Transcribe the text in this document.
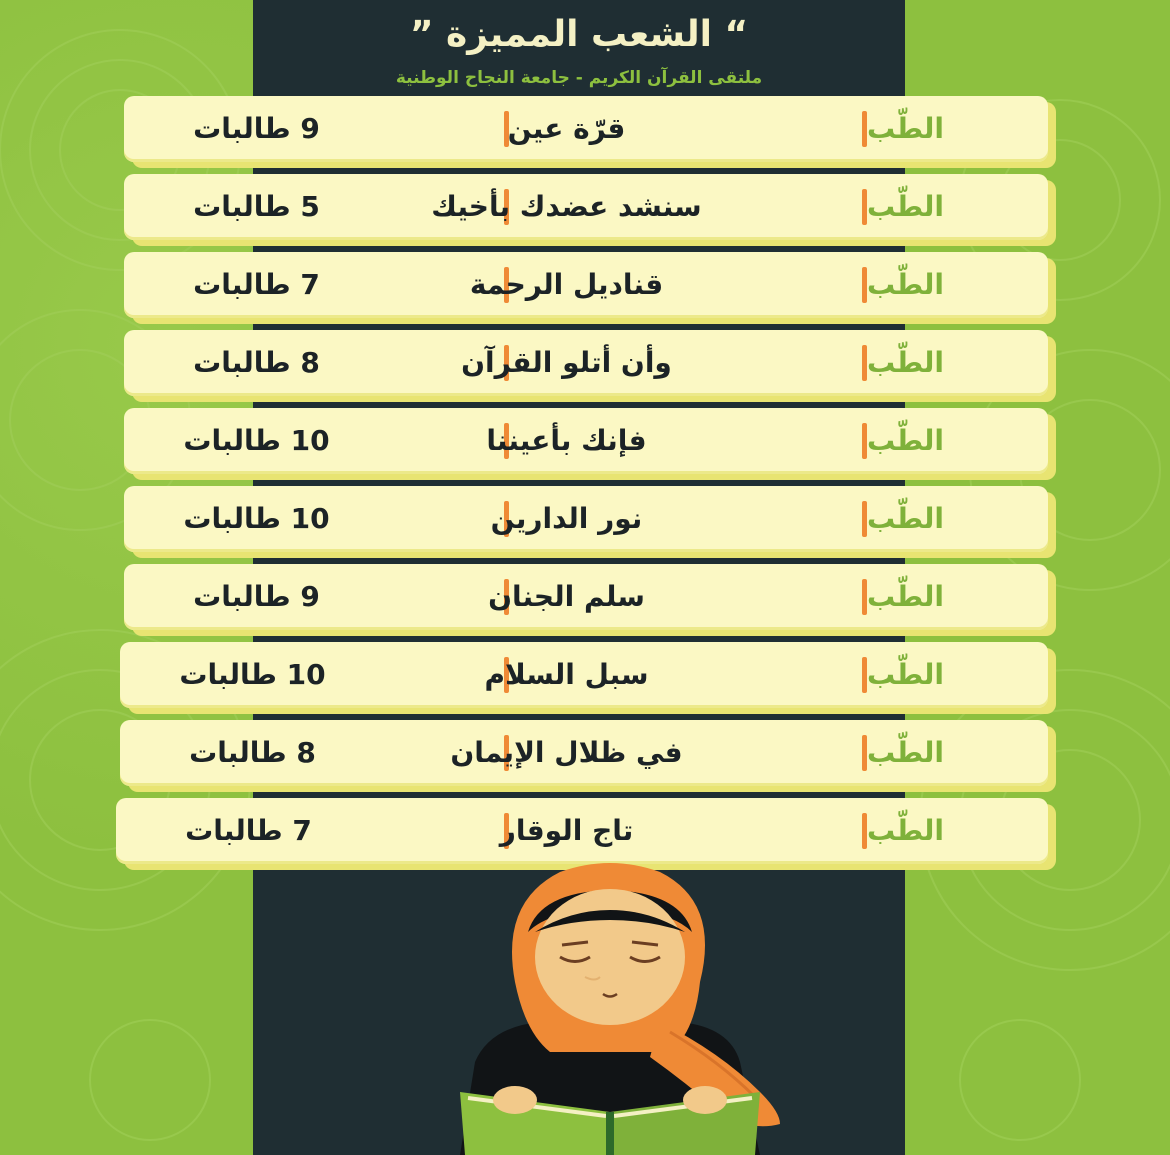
“ الشعب المميزة ”
ملتقى القرآن الكريم - جامعة النجاح الوطنية
9 طالبات	قرّة عين	الطّب
5 طالبات	سنشد عضدك بأخيك	الطّب
7 طالبات	قناديل الرحمة	الطّب
8 طالبات	وأن أتلو القرآن	الطّب
10 طالبات	فإنك بأعيننا	الطّب
10 طالبات	نور الدارين	الطّب
9 طالبات	سلم الجنان	الطّب
10 طالبات	سبل السلام	الطّب
8 طالبات	في ظلال الإيمان	الطّب
7 طالبات	تاج الوقار	الطّب
